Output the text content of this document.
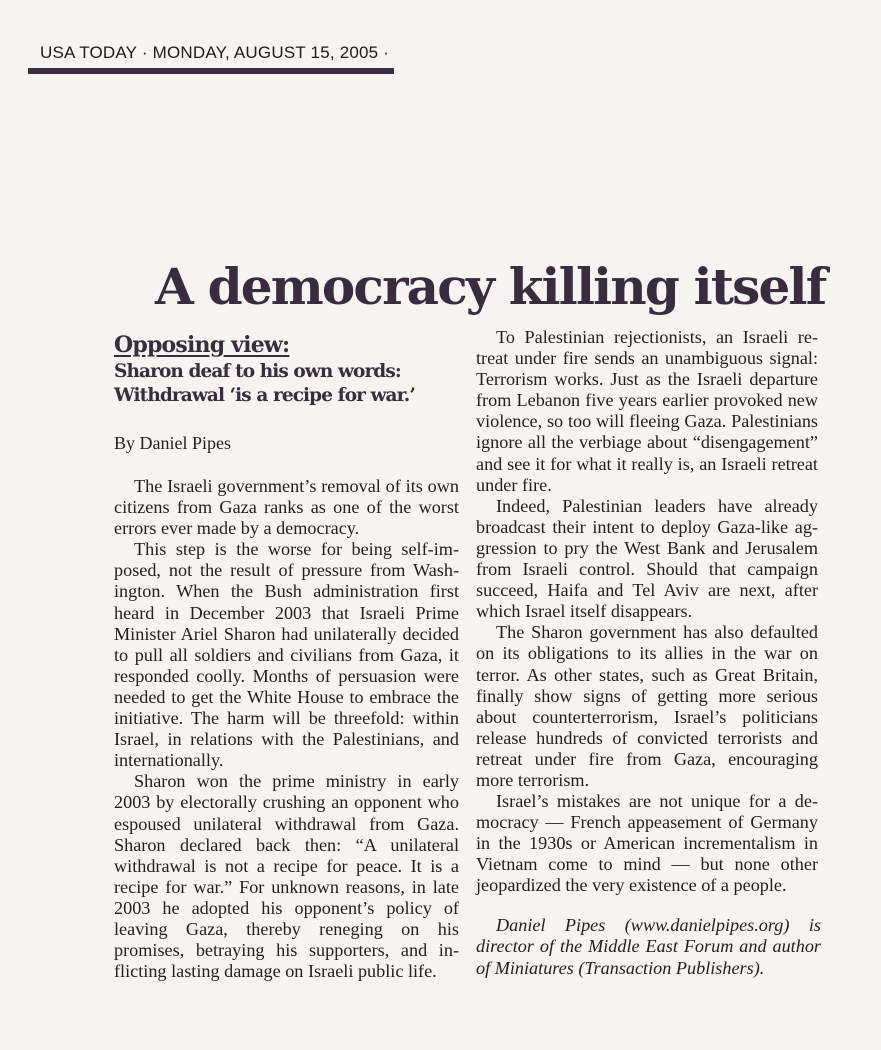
USA TODAY · MONDAY, AUGUST 15, 2005 ·
A democracy killing itself
Opposing view:
Sharon deaf to his own words:
Withdrawal ‘is a recipe for war.’
By Daniel Pipes

The Israeli government’s removal of its own citizens from Gaza ranks as one of the worst errors ever made by a democracy.

This step is the worse for being self-imposed, not the result of pressure from Washington. When the Bush administration first heard in December 2003 that Israeli Prime Minister Ariel Sharon had unilaterally decided to pull all soldiers and civilians from Gaza, it responded coolly. Months of persuasion were needed to get the White House to embrace the initiative. The harm will be threefold: within Israel, in relations with the Palestinians, and internationally.

Sharon won the prime ministry in early 2003 by electorally crushing an opponent who espoused unilateral withdrawal from Gaza. Sharon declared back then: “A unilateral withdrawal is not a recipe for peace. It is a recipe for war.” For unknown reasons, in late 2003 he adopted his opponent’s policy of leaving Gaza, thereby reneging on his promises, betraying his supporters, and inflicting lasting damage on Israeli public life.

To Palestinian rejectionists, an Israeli retreat under fire sends an unambiguous signal: Terrorism works. Just as the Israeli departure from Lebanon five years earlier provoked new violence, so too will fleeing Gaza. Palestinians ignore all the verbiage about “disengagement” and see it for what it really is, an Israeli retreat under fire.

Indeed, Palestinian leaders have already broadcast their intent to deploy Gaza-like aggression to pry the West Bank and Jerusalem from Israeli control. Should that campaign succeed, Haifa and Tel Aviv are next, after which Israel itself disappears.

The Sharon government has also defaulted on its obligations to its allies in the war on terror. As other states, such as Great Britain, finally show signs of getting more serious about counterterrorism, Israel’s politicians release hundreds of convicted terrorists and retreat under fire from Gaza, encouraging more terrorism.

Israel’s mistakes are not unique for a democracy — French appeasement of Germany in the 1930s or American incrementalism in Vietnam come to mind — but none other jeopardized the very existence of a people.

Daniel Pipes (www.danielpipes.org) is director of the Middle East Forum and author of Miniatures (Transaction Publishers).
